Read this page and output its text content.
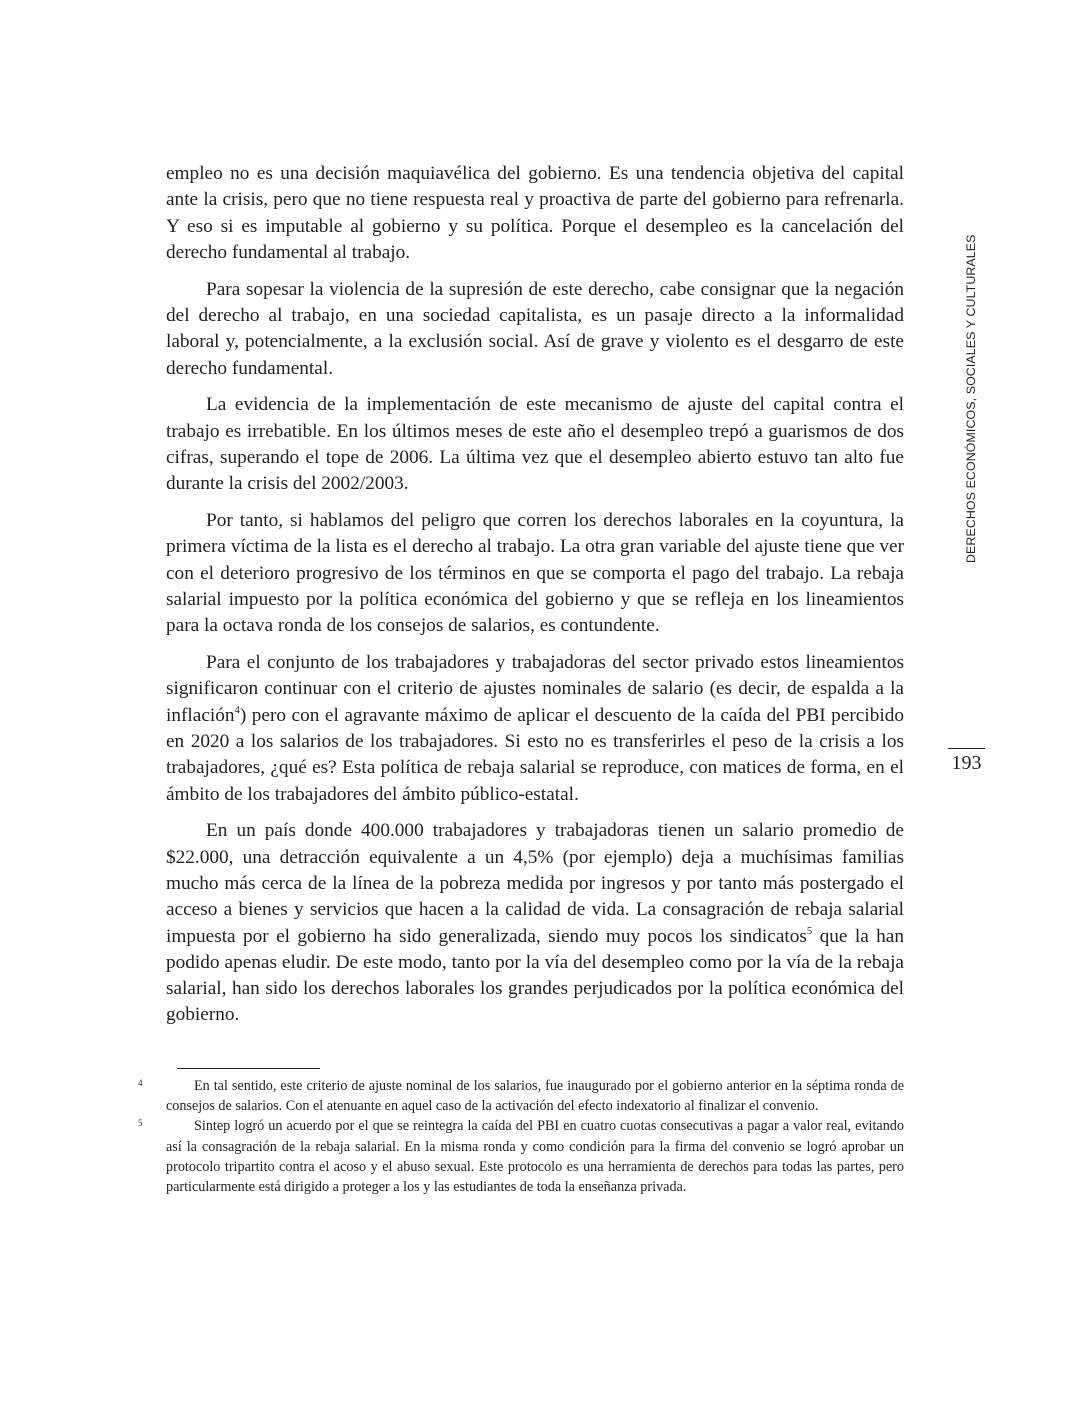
empleo no es una decisión maquiavélica del gobierno. Es una tendencia objetiva del capital ante la crisis, pero que no tiene respuesta real y proactiva de parte del gobierno para refrenarla. Y eso si es imputable al gobierno y su política. Porque el desempleo es la cancelación del derecho fundamental al trabajo.

Para sopesar la violencia de la supresión de este derecho, cabe consignar que la negación del derecho al trabajo, en una sociedad capitalista, es un pasaje directo a la informalidad laboral y, potencialmente, a la exclusión social. Así de grave y violento es el desgarro de este derecho fundamental.

La evidencia de la implementación de este mecanismo de ajuste del capital contra el trabajo es irrebatible. En los últimos meses de este año el desempleo trepó a guarismos de dos cifras, superando el tope de 2006. La última vez que el desempleo abierto estuvo tan alto fue durante la crisis del 2002/2003.

Por tanto, si hablamos del peligro que corren los derechos laborales en la coyuntura, la primera víctima de la lista es el derecho al trabajo. La otra gran variable del ajuste tiene que ver con el deterioro progresivo de los términos en que se comporta el pago del trabajo. La rebaja salarial impuesto por la política económica del gobierno y que se refleja en los lineamientos para la octava ronda de los consejos de salarios, es contundente.

Para el conjunto de los trabajadores y trabajadoras del sector privado estos lineamientos significaron continuar con el criterio de ajustes nominales de salario (es decir, de espalda a la inflación$^4$) pero con el agravante máximo de aplicar el descuento de la caída del PBI percibido en 2020 a los salarios de los trabajadores. Si esto no es transferirles el peso de la crisis a los trabajadores, ¿qué es? Esta política de rebaja salarial se reproduce, con matices de forma, en el ámbito de los trabajadores del ámbito público-estatal.

En un país donde 400.000 trabajadores y trabajadoras tienen un salario promedio de $22.000, una detracción equivalente a un 4,5% (por ejemplo) deja a muchísimas familias mucho más cerca de la línea de la pobreza medida por ingresos y por tanto más postergado el acceso a bienes y servicios que hacen a la calidad de vida. La consagración de rebaja salarial impuesta por el gobierno ha sido generalizada, siendo muy pocos los sindicatos$^5$ que la han podido apenas eludir. De este modo, tanto por la vía del desempleo como por la vía de la rebaja salarial, han sido los derechos laborales los grandes perjudicados por la política económica del gobierno.

DERECHOS ECONÓMICOS, SOCIALES Y CULTURALES
193

4	En tal sentido, este criterio de ajuste nominal de los salarios, fue inaugurado por el gobierno anterior en la séptima ronda de consejos de salarios. Con el atenuante en aquel caso de la activación del efecto indexatorio al finalizar el convenio.

5	Sintep logró un acuerdo por el que se reintegra la caída del PBI en cuatro cuotas consecutivas a pagar a valor real, evitando así la consagración de la rebaja salarial. En la misma ronda y como condición para la firma del convenio se logró aprobar un protocolo tripartito contra el acoso y el abuso sexual. Este protocolo es una herramienta de derechos para todas las partes, pero particularmente está dirigido a proteger a los y las estudiantes de toda la enseñanza privada.
